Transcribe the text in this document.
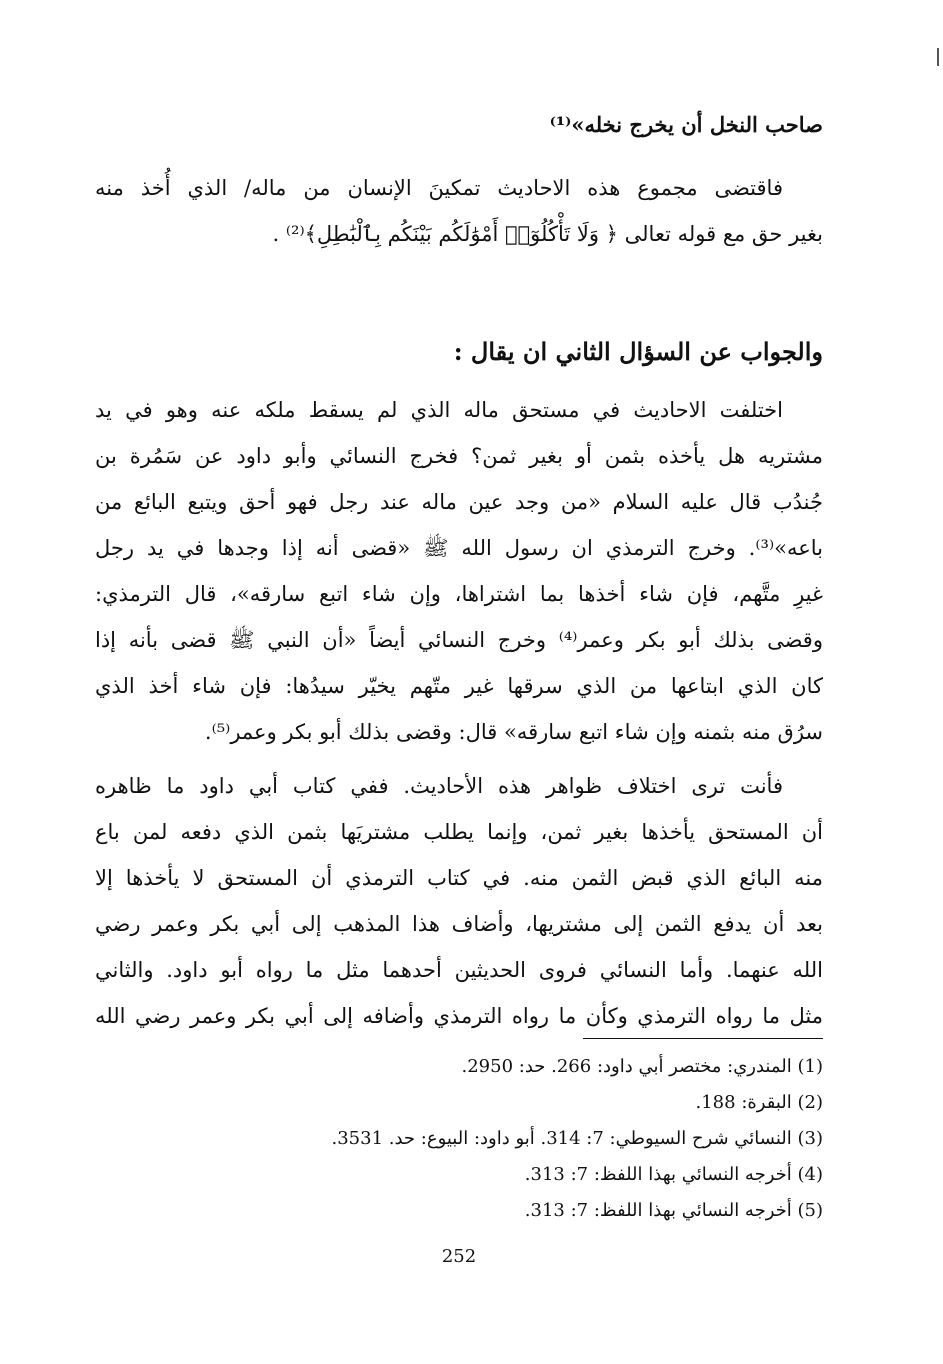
صاحب النخل أن يخرج نخله»⁽¹⁾
فاقتضى مجموع هذه الاحاديث تمكينَ الإنسان من ماله/ الذي أُخذ منه
بغير حق مع قوله تعالى ﴿ وَلَا تَأْكُلُوٓا۟ أَمْوَٰلَكُم بَيْنَكُم بِٱلْبَٰطِلِ﴾⁽²⁾ .
والجواب عن السؤال الثاني ان يقال :
اختلفت الاحاديث في مستحق ماله الذي لم يسقط ملكه عنه وهو في يد
مشتريه هل يأخذه بثمن أو بغير ثمن؟ فخرج النسائي وأبو داود عن سَمُرة بن
جُندُب قال عليه السلام «من وجد عين ماله عند رجل فهو أحق ويتبع البائع من
باعه»⁽³⁾. وخرج الترمذي ان رسول الله ﷺ «قضى أنه إذا وجدها في يد رجل
غيرِ متَّهم، فإن شاء أخذها بما اشتراها، وإن شاء اتبع سارقه»، قال الترمذي:
وقضى بذلك أبو بكر وعمر⁽⁴⁾ وخرج النسائي أيضاً «أن النبي ﷺ قضى بأنه إذا
كان الذي ابتاعها من الذي سرقها غير متّهم يخيّر سيدُها: فإن شاء أخذ الذي
سرُق منه بثمنه وإن شاء اتبع سارقه» قال: وقضى بذلك أبو بكر وعمر⁽⁵⁾.
فأنت ترى اختلاف ظواهر هذه الأحاديث. ففي كتاب أبي داود ما ظاهره
أن المستحق يأخذها بغير ثمن، وإنما يطلب مشتريَها بثمن الذي دفعه لمن باع
منه البائع الذي قبض الثمن منه. في كتاب الترمذي أن المستحق لا يأخذها إلا
بعد أن يدفع الثمن إلى مشتريها، وأضاف هذا المذهب إلى أبي بكر وعمر رضي
الله عنهما. وأما النسائي فروى الحديثين أحدهما مثل ما رواه أبو داود. والثاني
مثل ما رواه الترمذي وكأن ما رواه الترمذي وأضافه إلى أبي بكر وعمر رضي الله
(1) المندري: مختصر أبي داود: 266. حد: 2950.
(2) البقرة: 188.
(3) النسائي شرح السيوطي: 7: 314. أبو داود: البيوع: حد. 3531.
(4) أخرجه النسائي بهذا اللفظ: 7: 313.
(5) أخرجه النسائي بهذا اللفظ: 7: 313.
252
